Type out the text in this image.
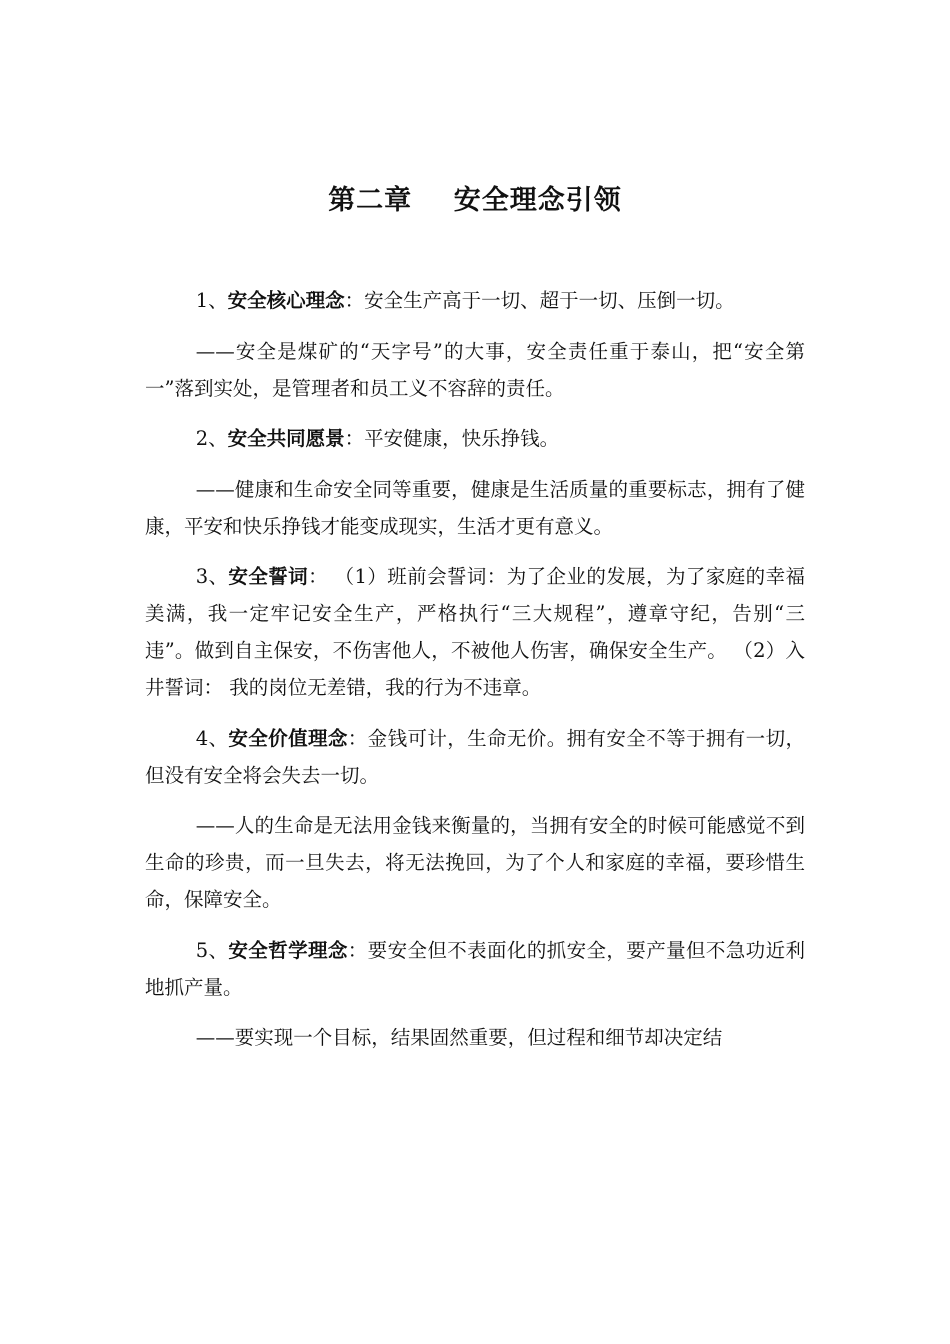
第二章    安全理念引领

1、安全核心理念：安全生产高于一切、超于一切、压倒一切。

——安全是煤矿的“天字号”的大事，安全责任重于泰山，把“安全第一”落到实处，是管理者和员工义不容辞的责任。

2、安全共同愿景：平安健康，快乐挣钱。

——健康和生命安全同等重要，健康是生活质量的重要标志，拥有了健康，平安和快乐挣钱才能变成现实，生活才更有意义。

3、安全誓词： （1）班前会誓词：为了企业的发展，为了家庭的幸福美满，我一定牢记安全生产，严格执行“三大规程”，遵章守纪，告别“三违”。做到自主保安，不伤害他人，不被他人伤害，确保安全生产。 （2）入井誓词： 我的岗位无差错，我的行为不违章。

4、安全价值理念：金钱可计，生命无价。拥有安全不等于拥有一切，但没有安全将会失去一切。

——人的生命是无法用金钱来衡量的，当拥有安全的时候可能感觉不到生命的珍贵，而一旦失去，将无法挽回，为了个人和家庭的幸福，要珍惜生命，保障安全。

5、安全哲学理念：要安全但不表面化的抓安全，要产量但不急功近利地抓产量。

——要实现一个目标，结果固然重要，但过程和细节却决定结
